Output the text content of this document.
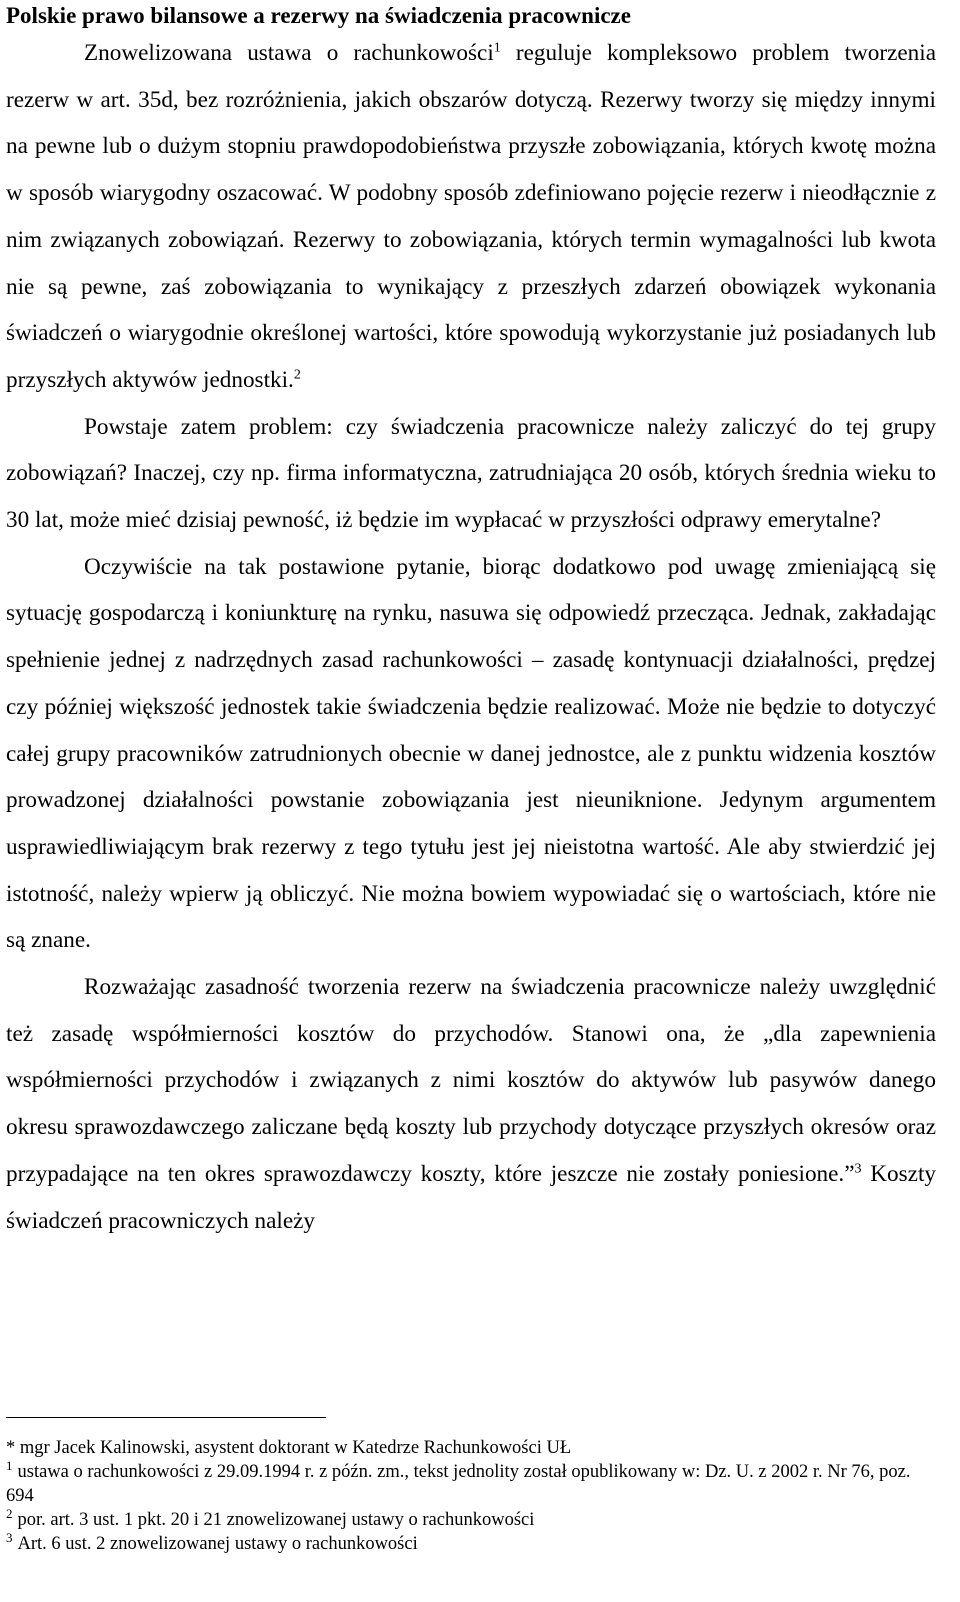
Polskie prawo bilansowe a rezerwy na świadczenia pracownicze

Znowelizowana ustawa o rachunkowości$^1$ reguluje kompleksowo problem tworzenia rezerw w art. 35d, bez rozróżnienia, jakich obszarów dotyczą. Rezerwy tworzy się między innymi na pewne lub o dużym stopniu prawdopodobieństwa przyszłe zobowiązania, których kwotę można w sposób wiarygodny oszacować. W podobny sposób zdefiniowano pojęcie rezerw i nieodłącznie z nim związanych zobowiązań. Rezerwy to zobowiązania, których termin wymagalności lub kwota nie są pewne, zaś zobowiązania to wynikający z przeszłych zdarzeń obowiązek wykonania świadczeń o wiarygodnie określonej wartości, które spowodują wykorzystanie już posiadanych lub przyszłych aktywów jednostki.$^2$

Powstaje zatem problem: czy świadczenia pracownicze należy zaliczyć do tej grupy zobowiązań? Inaczej, czy np. firma informatyczna, zatrudniająca 20 osób, których średnia wieku to 30 lat, może mieć dzisiaj pewność, iż będzie im wypłacać w przyszłości odprawy emerytalne?

Oczywiście na tak postawione pytanie, biorąc dodatkowo pod uwagę zmieniającą się sytuację gospodarczą i koniunkturę na rynku, nasuwa się odpowiedź przecząca. Jednak, zakładając spełnienie jednej z nadrzędnych zasad rachunkowości – zasadę kontynuacji działalności, prędzej czy później większość jednostek takie świadczenia będzie realizować. Może nie będzie to dotyczyć całej grupy pracowników zatrudnionych obecnie w danej jednostce, ale z punktu widzenia kosztów prowadzonej działalności powstanie zobowiązania jest nieuniknione. Jedynym argumentem usprawiedliwiającym brak rezerwy z tego tytułu jest jej nieistotna wartość. Ale aby stwierdzić jej istotność, należy wpierw ją obliczyć. Nie można bowiem wypowiadać się o wartościach, które nie są znane.

Rozważając zasadność tworzenia rezerw na świadczenia pracownicze należy uwzględnić też zasadę współmierności kosztów do przychodów. Stanowi ona, że „dla zapewnienia współmierności przychodów i związanych z nimi kosztów do aktywów lub pasywów danego okresu sprawozdawczego zaliczane będą koszty lub przychody dotyczące przyszłych okresów oraz przypadające na ten okres sprawozdawczy koszty, które jeszcze nie zostały poniesione.”$^3$ Koszty świadczeń pracowniczych należy

* mgr Jacek Kalinowski, asystent doktorant w Katedrze Rachunkowości UŁ

$^1$ ustawa o rachunkowości z 29.09.1994 r. z późn. zm., tekst jednolity został opublikowany w: Dz. U. z 2002 r. Nr 76, poz. 694

$^2$ por. art. 3 ust. 1 pkt. 20 i 21 znowelizowanej ustawy o rachunkowości

$^3$ Art. 6 ust. 2 znowelizowanej ustawy o rachunkowości
